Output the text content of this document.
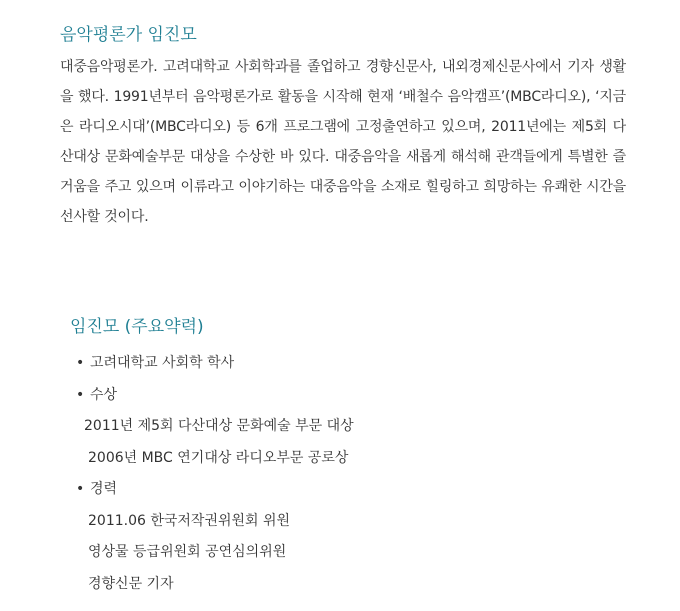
음악평론가 임진모

대중음악평론가. 고려대학교 사회학과를 졸업하고 경향신문사, 내외경제신문사에서 기자 생활을 했다. 1991년부터 음악평론가로 활동을 시작해 현재 ‘배철수 음악캠프’(MBC라디오), ‘지금은 라디오시대’(MBC라디오) 등 6개 프로그램에 고정출연하고 있으며, 2011년에는 제5회 다산대상 문화예술부문 대상을 수상한 바 있다. 대중음악을 새롭게 해석해 관객들에게 특별한 즐거움을 주고 있으며 이류라고 이야기하는 대중음악을 소재로 힐링하고 희망하는 유쾌한 시간을 선사할 것이다.

임진모 (주요약력)
• 고려대학교 사회학 학사
• 수상
2011년 제5회 다산대상 문화예술 부문 대상
2006년 MBC 연기대상 라디오부문 공로상
• 경력
2011.06 한국저작권위원회 위원
영상물 등급위원회 공연심의위원
경향신문 기자
